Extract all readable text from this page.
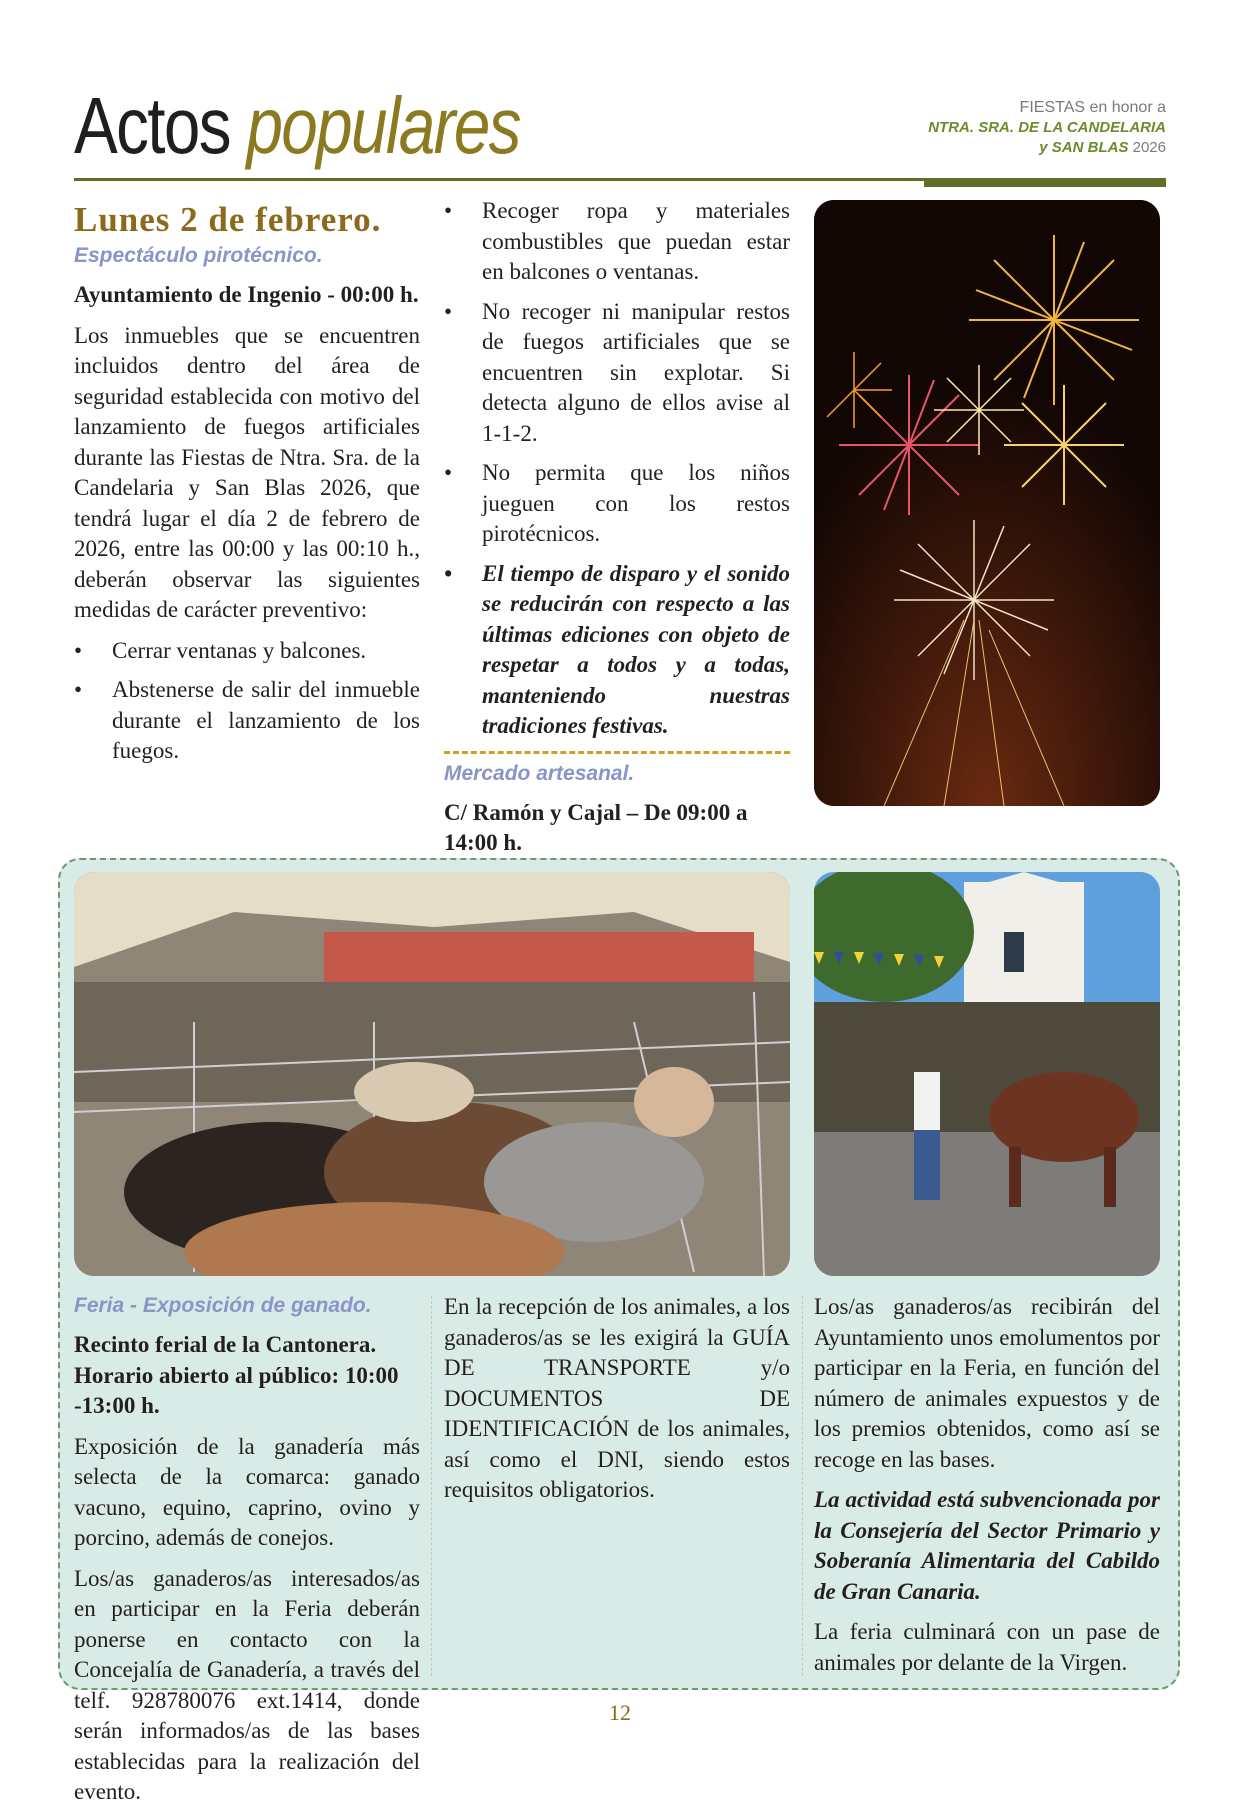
Actos populares	FIESTAS en honor a
NTRA. SRA. DE LA CANDELARIA
y SAN BLAS 2026
Lunes 2 de febrero.
Espectáculo pirotécnico.
Ayuntamiento de Ingenio - 00:00 h.

Los inmuebles que se encuentren incluidos dentro del área de seguridad establecida con motivo del lanzamiento de fuegos artificiales durante las Fiestas de Ntra. Sra. de la Candelaria y San Blas 2026, que tendrá lugar el día 2 de febrero de 2026, entre las 00:00 y las 00:10 h., deberán observar las siguientes medidas de carácter preventivo:

• Cerrar ventanas y balcones.
• Abstenerse de salir del inmueble durante el lanzamiento de los fuegos.
• Recoger ropa y materiales combustibles que puedan estar en balcones o ventanas.
• No recoger ni manipular restos de fuegos artificiales que se encuentren sin explotar. Si detecta alguno de ellos avise al 1-1-2.
• No permita que los niños jueguen con los restos pirotécnicos.
• El tiempo de disparo y el sonido se reducirán con respecto a las últimas ediciones con objeto de respetar a todos y a todas, manteniendo nuestras tradiciones festivas.
Mercado artesanal.
C/ Ramón y Cajal – De 09:00 a 14:00 h.
Feria - Exposición de ganado.
Recinto ferial de la Cantonera. Horario abierto al público: 10:00 -13:00 h.

Exposición de la ganadería más selecta de la comarca: ganado vacuno, equino, caprino, ovino y porcino, además de conejos.

Los/as ganaderos/as interesados/as en participar en la Feria deberán ponerse en contacto con la Concejalía de Ganadería, a través del telf. 928780076 ext.1414, donde serán informados/as de las bases establecidas para la realización del evento.

En la recepción de los animales, a los ganaderos/as se les exigirá la GUÍA DE TRANSPORTE y/o DOCUMENTOS DE IDENTIFICACIÓN de los animales, así como el DNI, siendo estos requisitos obligatorios.

Los/as ganaderos/as recibirán del Ayuntamiento unos emolumentos por participar en la Feria, en función del número de animales expuestos y de los premios obtenidos, como así se recoge en las bases.

La actividad está subvencionada por la Consejería del Sector Primario y Soberanía Alimentaria del Cabildo de Gran Canaria.

La feria culminará con un pase de animales por delante de la Virgen.

12
